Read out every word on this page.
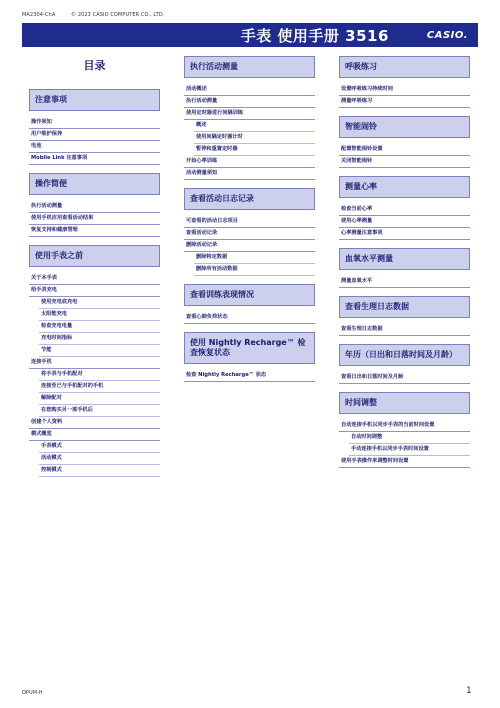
MA2304-ChA	© 2023 CASIO COMPUTER CO., LTD.
手表 使用手册 3516	CASIO.
目录
注意事项
操作须知
用户维护保养
电池
Mobile Link 注意事项
操作简便
执行活动测量
使用手机应用查看活动结果
恢复支持和健康管理
使用手表之前
关于本手表
给手表充电
使用充电底充电
太阳能充电
检查充电电量
充电时间指标
节能
连接手机
将手表与手机配对
连接至已与手机配对的手机
解除配对
在您购买另一部手机后
创建个人资料
模式概览
手表模式
活动模式
控制模式
执行活动测量
活动概述
执行活动测量
使用定时器进行间隔训练
概述
使用间隔定时器计时
暂停和重置定时器
开始心率训练
活动测量须知
查看活动日志记录
可查看的活动日志项目
查看活动记录
删除活动记录
删除特定数据
删除所有活动数据
查看训练表现情况
查看心肺负荷状态
使用 Nightly Recharge™ 检查恢复状态
检查 Nightly Recharge™ 状态
呼吸练习
设置呼吸练习持续时间
测量呼吸练习
智能闹铃
配置智能闹铃设置
关闭智能闹铃
测量心率
检查当前心率
使用心率测量
心率测量注意事项
血氧水平测量
测量血氧水平
查看生理日志数据
查看生理日志数据
年历（日出和日落时间及月龄）
查看日出和日落时间及月龄
时间调整
自动连接手机以同步手表的当前时间设置
自动时间调整
手动连接手机以同步手表时间设置
使用手表操作来调整时间设置
OPUM-H	1
